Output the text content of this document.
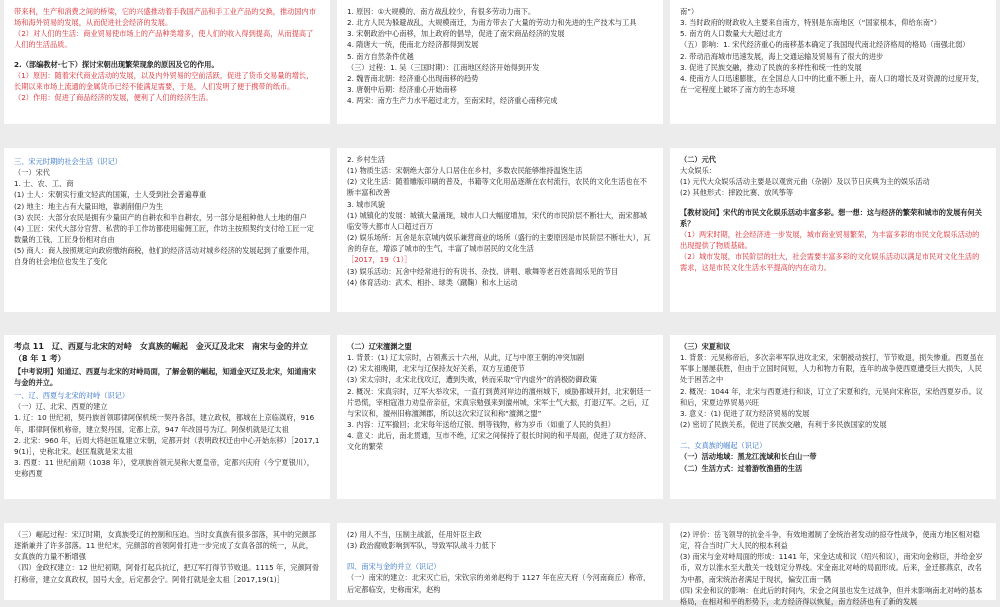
带来利，生产和消费之间的桥梁，它的兴盛推动着手我国产品和手工业产品的交换，推动国内市场和海外贸易的发展，从而促进社会经济的发展。
（2）对人们的生活：商业贸易使市场上的产品种类增多，使人们的收入得到提高，从而提高了人们的生活品质。
2.（部编教材·七下）探讨宋朝出现繁荣现象的原因及它的作用。
（1）原因：随着宋代商业活动的发展，以及内外贸易的空前活跃，促进了货币交易量的增长，长期以来市场上流通的金属货币已经不能满足需要，于是，人们发明了便于携带的纸币。
（2）作用：促进了商品经济的发展，便利了人们的经济生活。
1. 原因：①大规模的、南方战乱较少，有很多劳动力南下。
2. 北方人民为躲避战乱，大规模南迁，为南方带去了大量的劳动力和先进的生产技术与工具
3. 宋朝政治中心南移，加上政府的倡导，促进了南宋商品经济的发展
4. 隋唐大一统，使南北方经济都得到发展
5. 南方自然条件优越
（三）过程：1. 吴（三国时期）：江南地区经济开始得到开发
2. 魏晋南北朝：经济重心出现南移的趋势
3. 唐朝中后期：经济重心开始南移
4. 两宋：南方生产力水平超过北方，至南宋时，经济重心南移完成
南”）
3. 当时政府的财政收入主要来自南方，特别是东南地区（“国家根本，仰给东南”）
5. 南方的人口数量大大超过北方
（五）影响：1. 宋代经济重心的南移基本确定了我国现代南北经济格局的格局（南强北弱）
2. 带动沿海城市迅速发展，海上交通运输及贸易有了很大的进步
3. 促进了民族交融，推动了民族的多样性和统一性的发展
4. 使南方人口迅速膨胀，在全国总人口中的比重不断上升，南人口的增长及对资源的过度开发，在一定程度上破坏了南方的生态环境
三、宋元时期的社会生活（识记）
（一）宋代
1. 士、农、工、商
(1) 士人：宋朝实行重文轻武的国策，士人受到社会普遍尊重
(2) 地主：地主占有大量田地，靠剥削佃户为生
(3) 农民：大部分农民是拥有少量田产的自耕农和半自耕农，另一部分是租种他人土地的佃户
(4) 工匠：宋代大部分官营、私营的手工作坊都使用雇佣工匠，作坊主按照契约支付给工匠一定数量的工钱，工匠身份相对自由
(5) 商人：商人按照规定向政府缴纳商税，他们的经济活动对城乡经济的发展起到了重要作用，自身的社会地位也发生了变化
2. 乡村生活
(1) 物质生活：宋朝绝大部分人口居住在乡村，多数农民能够维持温饱生活
(2) 文化生活：随着雕版印刷的普及，书籍等文化用品逐渐在农村流行，农民的文化生活也在不断丰富和改善
3. 城市风貌
(1) 城镇化的发展：城镇大量涌现，城市人口大幅度增加，宋代的市民阶层不断壮大，南宋都城临安等大都市人口超过百万
(2) 娱乐场所：瓦舍是东京城内娱乐兼营商业的场所（盛行的主要原因是市民阶层不断壮大），瓦舍的存在，增添了城市的生气，丰富了城市居民的文化生活
［2017，19（1）］
(3) 娱乐活动：瓦舍中经常进行的有说书、杂技、讲唱、歌舞等老百姓喜闻乐见的节目
(4) 体育活动：武术、相扑、球类（蹴鞠）和水上运动
（二）元代
大众娱乐：
(1) 元代大众娱乐活动主要是以观赏元曲（杂剧）及以节日庆典为主的娱乐活动
(2) 其他形式：摔跤比赛、放风筝等
【教材设问】宋代的市民文化娱乐活动丰富多彩。想一想：这与经济的繁荣和城市的发展有何关系？
（1）两宋时期，社会经济进一步发展，城市商业贸易繁荣，为丰富多彩的市民文化娱乐活动的出现提供了物质基础。
（2）城市发展，市民阶层的壮大，社会需要丰富多彩的文化娱乐活动以满足市民对文化生活的需求，这是市民文化生活水平提高的内在动力。
考点 11　辽、西夏与北宋的对峙　女真族的崛起　金灭辽及北宋　南宋与金的并立（8 年 1 考）
【中考说明】知道辽、西夏与北宋的对峙局面，了解金朝的崛起，知道金灭辽及北宋，知道南宋与金的并立。
一、辽、西夏与北宋的对峙（识记）
（一）辽、北宋、西夏的建立
1. 辽：10 世纪初，契丹族首领耶律阿保机统一契丹各部，建立政权，都城在上京临潢府，916 年，耶律阿保机称帝，建立契丹国，定都上京，947 年改国号为辽。阿保机就是辽太祖
2. 北宋：960 年，后周大将赵匡胤建立宋朝，定都开封（表明政权迁由中心开始东移）［2017,19(1)］，史称北宋。赵匡胤就是宋太祖
3. 西夏：11 世纪前期（1038 年），党项族首领元昊称大夏皇帝，定都兴庆府（今宁夏银川），史称西夏
（二）辽宋澶渊之盟
1. 背景：(1) 辽太宗时，占领燕云十六州，从此，辽与中原王朝的冲突加剧
(2) 宋太祖晚期，北宋与辽保持友好关系，双方互通使节
(3) 宋太宗时，北宋北伐攻辽，遭到失败，转而采取“守内虚外”的消极防御政策
2. 概况：宋真宗时，辽军大举攻宋，一直打到黄河岸边的澶州城下，威胁都城开封，北宋朝廷一片恐慌，宰相寇准力劝皇帝亲征，宋真宗勉强来到澶州城，宋军士气大振，打退辽军。之后，辽与宋议和，澶州旧称澶渊郡，所以这次宋辽议和称“澶渊之盟”
3. 内容：辽军撤回；北宋每年送给辽银、绢等钱物，称为岁币（如重了人民的负担）
4. 意义：此后，南北贯通，互市不绝，辽宋之间保持了很长时间的和平局面，促进了双方经济、文化的繁荣
（三）宋夏和议
1. 背景：元昊称帝后，多次亲率军队进攻北宋，宋朝被动挨打，节节败退，损失惨重。西夏虽在军事上屡屡获胜，但由于立国时间短，人力和物力有限，连年的战争使西夏遭受巨大损失，人民处于困苦之中
2. 概况：1044 年，北宋与西夏进行和谈，订立了宋夏和约，元昊向宋称臣，宋给西夏岁币。议和后，宋夏边界贸易兴旺
3. 意义：(1) 促进了双方经济贸易的发展
(2) 密切了民族关系，促进了民族交融，有利于多民族国家的发展
二、女真族的崛起（识记）
（一）活动地域：黑龙江流域和长白山一带
（二）生活方式：过着游牧渔猎的生活
（三）崛起过程：宋辽时期，女真族受辽的控制和压迫。当时女真族有很多部落，其中的完颜部逐渐兼并了许多部落。11 世纪末，完颜部的首领阿骨打进一步完成了女真各部的统一，从此，女真族的力量不断增强
（四）金政权建立：12 世纪初期，阿骨打起兵抗辽，把辽军打得节节败退。1115 年，完颜阿骨打称帝，建立女真政权，国号大金，后定都会宁。阿骨打就是金太祖［2017,19(1)］
(2) 用人不当，压制主战派，任用奸臣主政
(3) 政治腐败影响到军队，导致军队战斗力低下
四、南宋与金的并立（识记）
（一）南宋的建立：北宋灭亡后，宋钦宗的弟弟赵构于 1127 年在应天府（今河南商丘）称帝，后定都临安，史称南宋，赵构
(2) 评价：岳飞领导的抗金斗争，有效地遏制了金统治者发动的掠夺性战争，使南方地区相对稳定，符合当时广大人民的根本利益
(3) 南宋与金对峙局面的形成：1141 年，宋金达成和议（绍兴和议），南宋向金称臣，并给金岁币，双方以淮水至大散关一线划定分界线。宋金南北对峙的局面形成。后来，金迁都燕京，改名为中都，南宋统治者满足于现状，偏安江南一隅
(四) 宋金和议的影响：在此后的时间内，宋金之间虽也发生过战争，但并未影响南北对峙的基本格局，在相对和平的形势下，北方经济得以恢复，南方经济也有了新的发展
